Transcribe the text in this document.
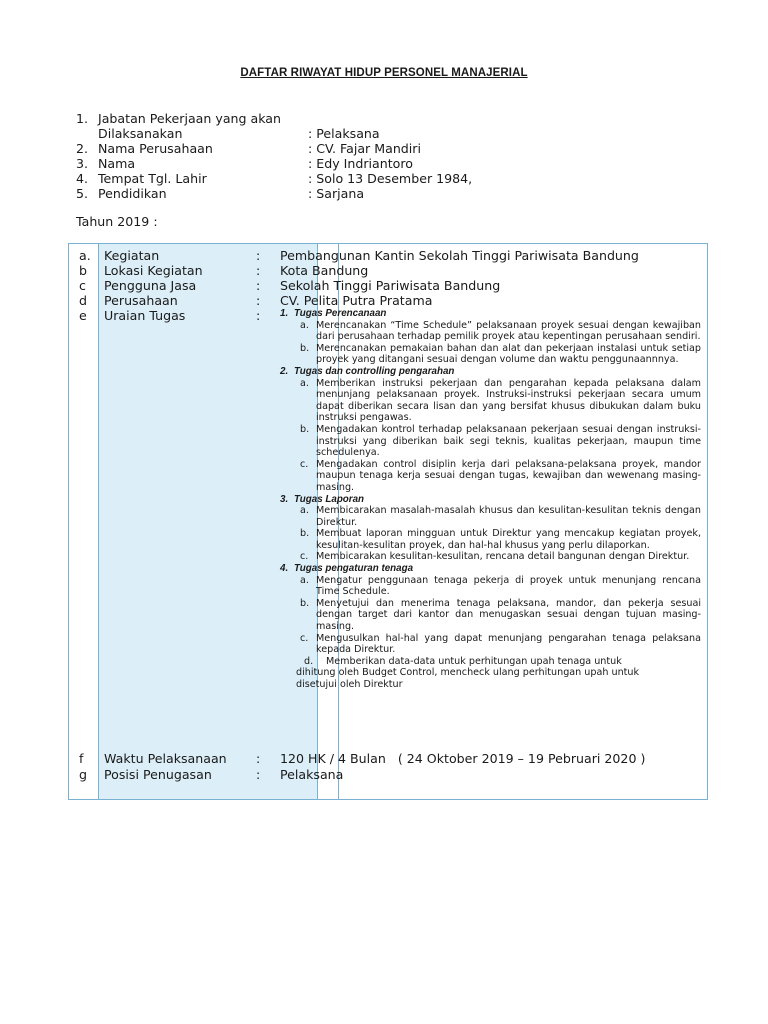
DAFTAR RIWAYAT HIDUP PERSONEL MANAJERIAL
1. Jabatan Pekerjaan yang akan
Dilaksanakan	: Pelaksana
2. Nama Perusahaan	: CV. Fajar Mandiri
3. Nama	: Edy Indriantoro
4. Tempat Tgl. Lahir	: Solo 13 Desember 1984,
5. Pendidikan	: Sarjana
Tahun 2019 :
a. Kegiatan	: Pembangunan Kantin Sekolah Tinggi Pariwisata Bandung
b Lokasi Kegiatan	: Kota Bandung
c Pengguna Jasa	: Sekolah Tinggi Pariwisata Bandung
d Perusahaan	: CV. Pelita Putra Pratama
e Uraian Tugas	: 1. Tugas Perencanaan
a. Merencanakan “Time Schedule” pelaksanaan proyek sesuai dengan kewajiban dari perusahaan terhadap pemilik proyek atau kepentingan perusahaan sendiri.
b. Merencanakan pemakaian bahan dan alat dan pekerjaan instalasi untuk setiap proyek yang ditangani sesuai dengan volume dan waktu penggunaannnya.
2. Tugas dan controlling pengarahan
a. Memberikan instruksi pekerjaan dan pengarahan kepada pelaksana dalam menunjang pelaksanaan proyek. Instruksi-instruksi pekerjaan secara umum dapat diberikan secara lisan dan yang bersifat khusus dibukukan dalam buku instruksi pengawas.
b. Mengadakan kontrol terhadap pelaksanaan pekerjaan sesuai dengan instruksi-instruksi yang diberikan baik segi teknis, kualitas pekerjaan, maupun time schedulenya.
c. Mengadakan control disiplin kerja dari pelaksana-pelaksana proyek, mandor maupun tenaga kerja sesuai dengan tugas, kewajiban dan wewenang masing-masing.
3. Tugas Laporan
a. Membicarakan masalah-masalah khusus dan kesulitan-kesulitan teknis dengan Direktur.
b. Membuat laporan mingguan untuk Direktur yang mencakup kegiatan proyek, kesulitan-kesulitan proyek, dan hal-hal khusus yang perlu dilaporkan.
c. Membicarakan kesulitan-kesulitan, rencana detail bangunan dengan Direktur.
4. Tugas pengaturan tenaga
a. Mengatur penggunaan tenaga pekerja di proyek untuk menunjang rencana Time Schedule.
b. Menyetujui dan menerima tenaga pelaksana, mandor, dan pekerja sesuai dengan target dari kantor dan menugaskan sesuai dengan tujuan masing-masing.
c. Mengusulkan hal-hal yang dapat menunjang pengarahan tenaga pelaksana kepada Direktur.
d. Memberikan data-data untuk perhitungan upah tenaga untuk
dihitung oleh Budget Control, mencheck ulang perhitungan upah untuk
disetujui oleh Direktur
f Waktu Pelaksanaan : 120 HK / 4 Bulan   ( 24 Oktober 2019 – 19 Pebruari 2020 )
g Posisi Penugasan	: Pelaksana
